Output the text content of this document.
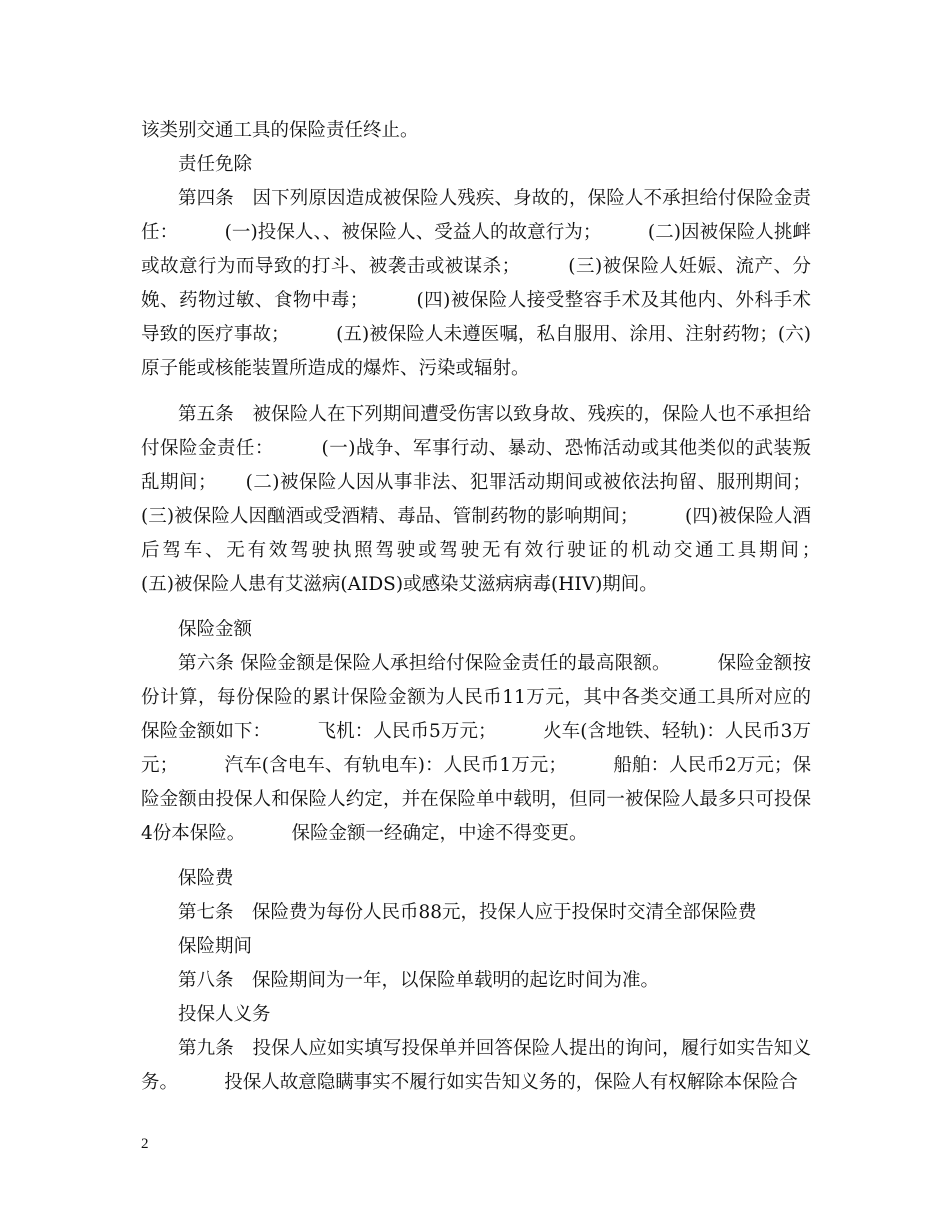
该类别交通工具的保险责任终止。

责任免除

第四条　因下列原因造成被保险人残疾、身故的，保险人不承担给付保险金责任：　　　(一)投保人、、被保险人、受益人的故意行为；　　　(二)因被保险人挑衅或故意行为而导致的打斗、被袭击或被谋杀；　　　(三)被保险人妊娠、流产、分娩、药物过敏、食物中毒；　　　(四)被保险人接受整容手术及其他内、外科手术导致的医疗事故；　　　(五)被保险人未遵医嘱，私自服用、涂用、注射药物；(六)原子能或核能装置所造成的爆炸、污染或辐射。

第五条　被保险人在下列期间遭受伤害以致身故、残疾的，保险人也不承担给付保险金责任：　　　(一)战争、军事行动、暴动、恐怖活动或其他类似的武装叛乱期间；　　(二)被保险人因从事非法、犯罪活动期间或被依法拘留、服刑期间；(三)被保险人因酗酒或受酒精、毒品、管制药物的影响期间；　　　(四)被保险人酒后驾车、无有效驾驶执照驾驶或驾驶无有效行驶证的机动交通工具期间；　　　(五)被保险人患有艾滋病(AIDS)或感染艾滋病病毒(HIV)期间。

保险金额

第六条 保险金额是保险人承担给付保险金责任的最高限额。　　　保险金额按份计算，每份保险的累计保险金额为人民币11万元，其中各类交通工具所对应的保险金额如下：　　　飞机：人民币5万元；　　　火车(含地铁、轻轨)：人民币3万元；　　　汽车(含电车、有轨电车)：人民币1万元；　　　船舶：人民币2万元；保险金额由投保人和保险人约定，并在保险单中载明，但同一被保险人最多只可投保4份本保险。　　　保险金额一经确定，中途不得变更。

保险费

第七条　保险费为每份人民币88元，投保人应于投保时交清全部保险费

保险期间

第八条　保险期间为一年，以保险单载明的起讫时间为准。

投保人义务

第九条　投保人应如实填写投保单并回答保险人提出的询问，履行如实告知义务。　　　投保人故意隐瞒事实不履行如实告知义务的，保险人有权解除本保险合

2
